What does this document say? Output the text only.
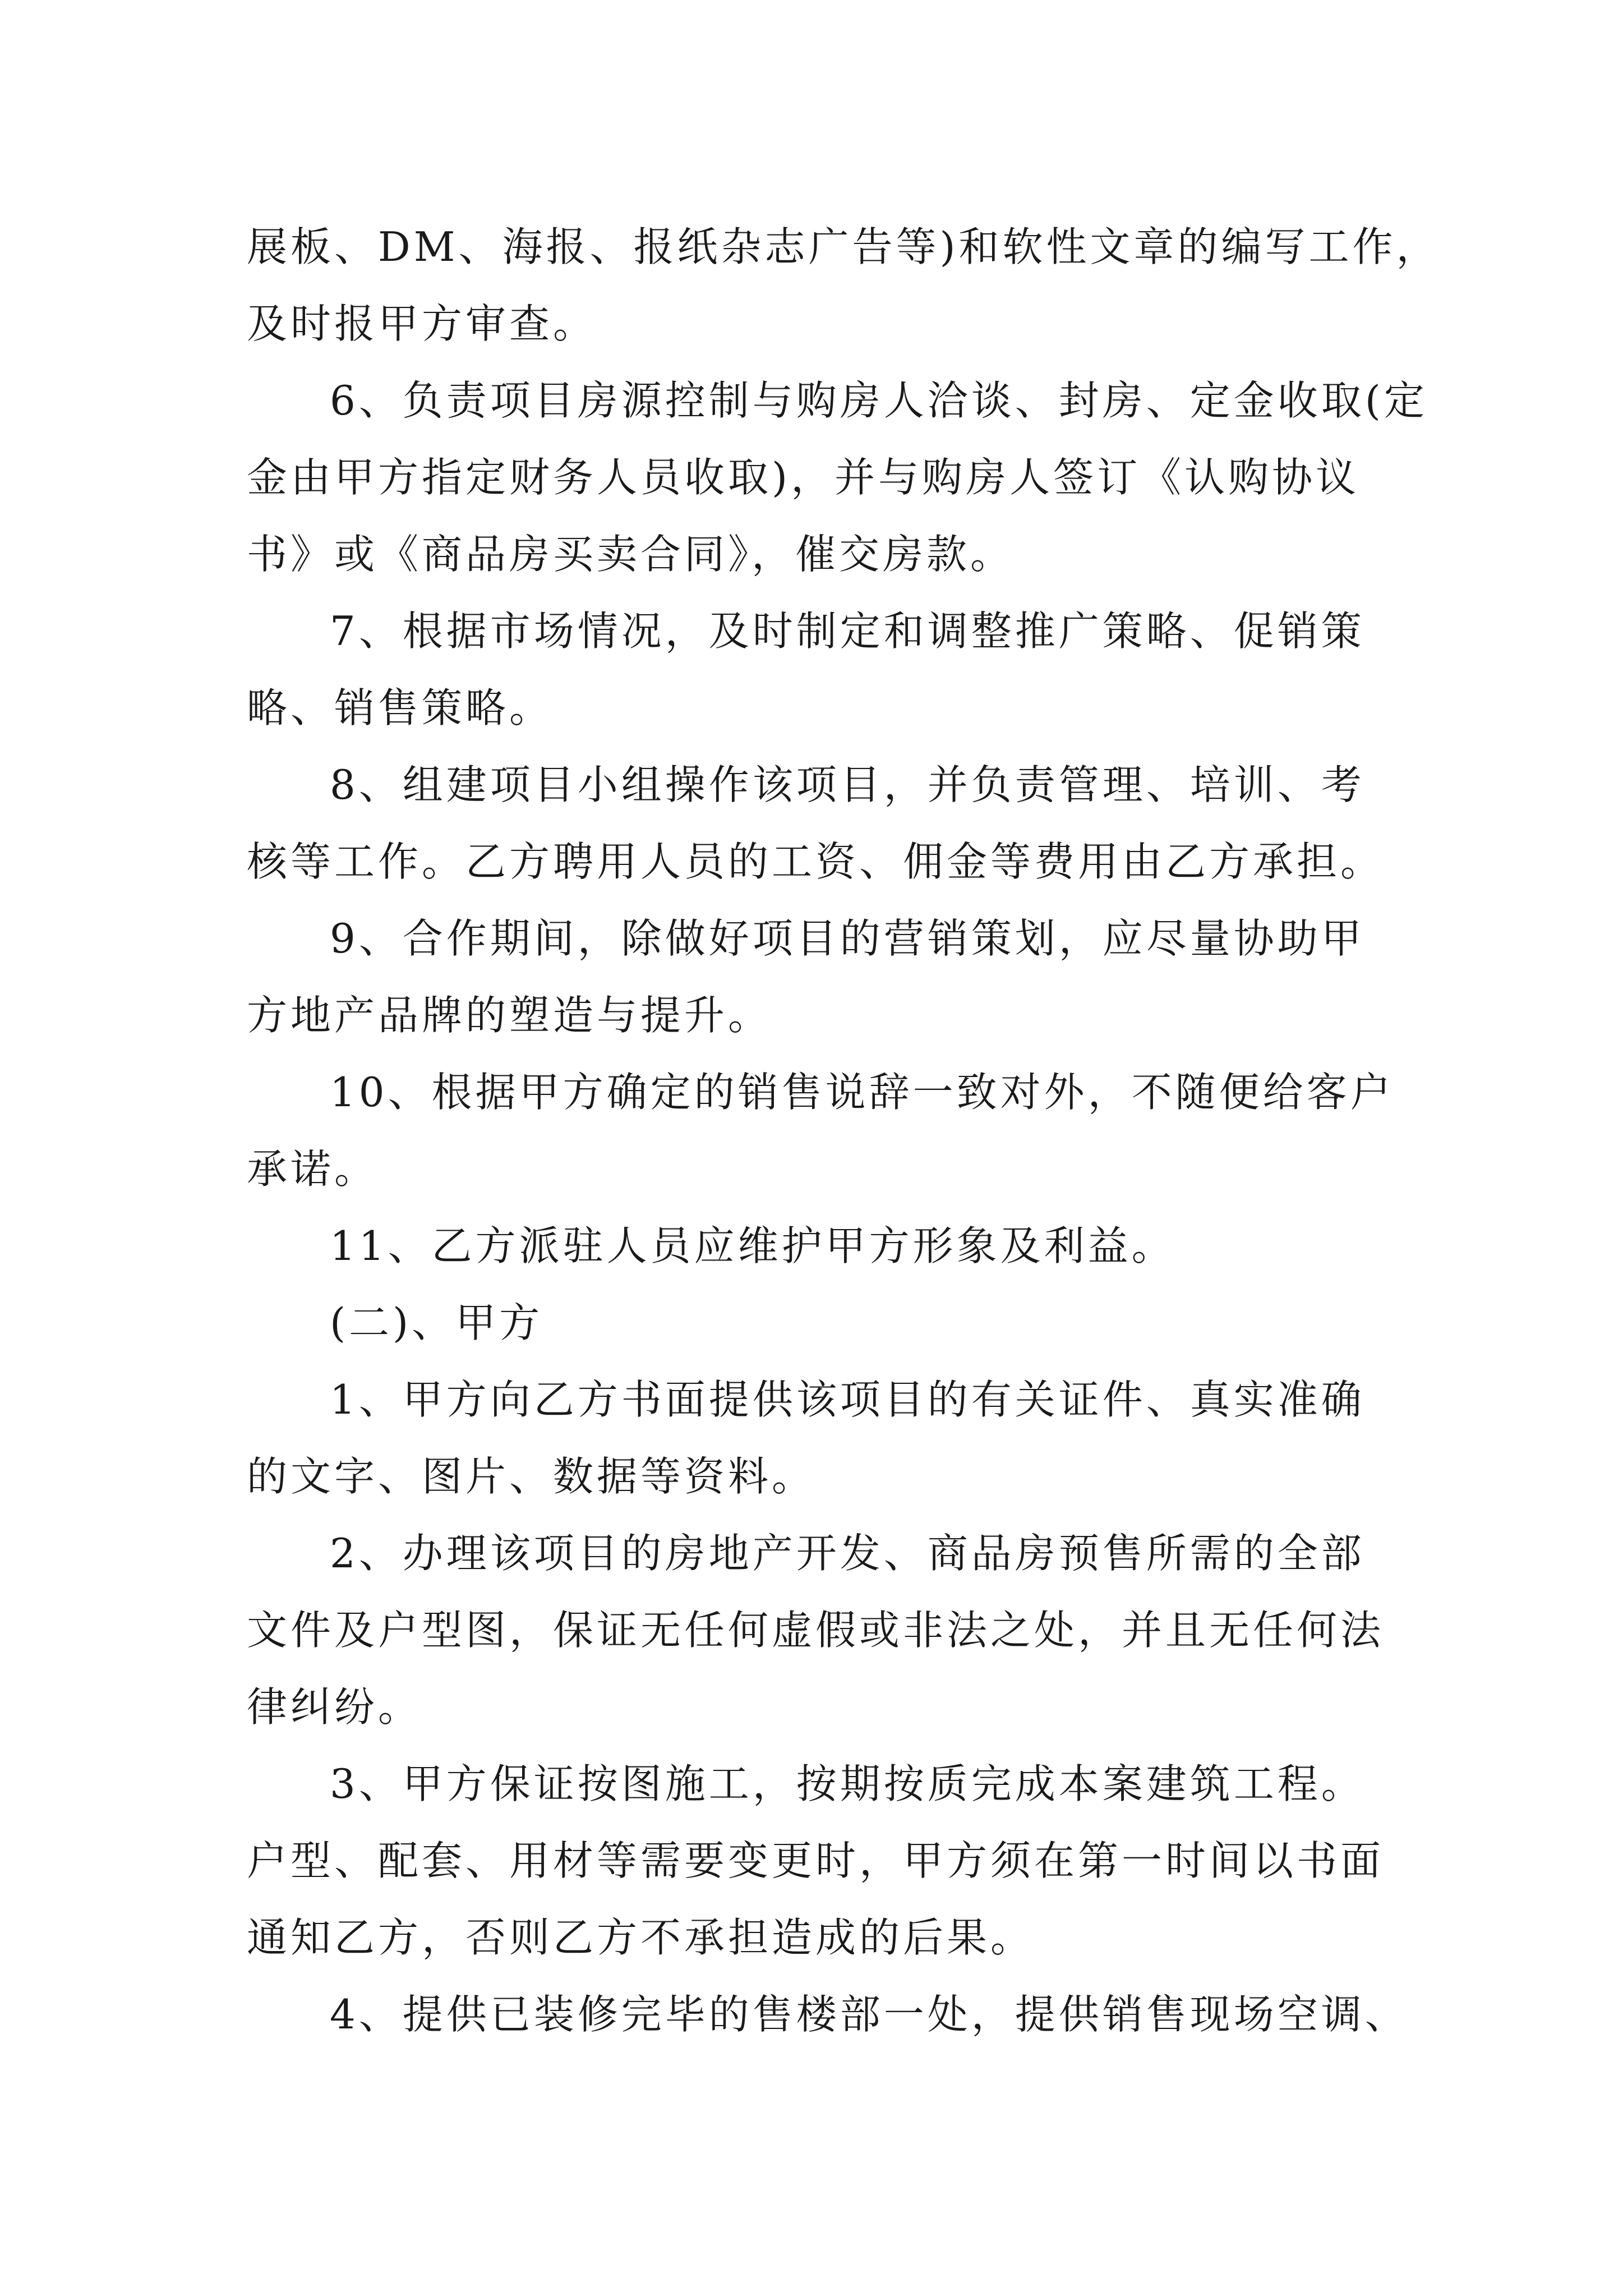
展板、DM、海报、报纸杂志广告等)和软性文章的编写工作，
及时报甲方审查。

6、负责项目房源控制与购房人洽谈、封房、定金收取(定
金由甲方指定财务人员收取)，并与购房人签订《认购协议
书》或《商品房买卖合同》，催交房款。

7、根据市场情况，及时制定和调整推广策略、促销策
略、销售策略。

8、组建项目小组操作该项目，并负责管理、培训、考
核等工作。乙方聘用人员的工资、佣金等费用由乙方承担。

9、合作期间，除做好项目的营销策划，应尽量协助甲
方地产品牌的塑造与提升。

10、根据甲方确定的销售说辞一致对外，不随便给客户
承诺。

11、乙方派驻人员应维护甲方形象及利益。

(二)、甲方

1、甲方向乙方书面提供该项目的有关证件、真实准确
的文字、图片、数据等资料。

2、办理该项目的房地产开发、商品房预售所需的全部
文件及户型图，保证无任何虚假或非法之处，并且无任何法
律纠纷。

3、甲方保证按图施工，按期按质完成本案建筑工程。
户型、配套、用材等需要变更时，甲方须在第一时间以书面
通知乙方，否则乙方不承担造成的后果。

4、提供已装修完毕的售楼部一处，提供销售现场空调、
